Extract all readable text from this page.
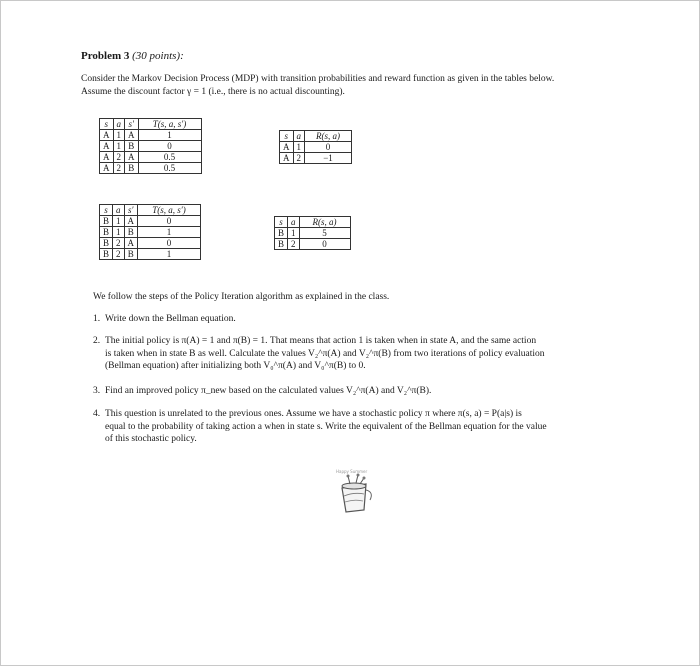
Problem 3 (30 points):
Consider the Markov Decision Process (MDP) with transition probabilities and reward function as given in the tables below.
Assume the discount factor γ = 1 (i.e., there is no actual discounting).
s	a	s′	T(s, a, s′)
A	1	A	1
A	1	B	0
A	2	A	0.5
A	2	B	0.5
s	a	R(s, a)
A	1	0
A	2	−1
s	a	s′	T(s, a, s′)
B	1	A	0
B	1	B	1
B	2	A	0
B	2	B	1
s	a	R(s, a)
B	1	5
B	2	0
We follow the steps of the Policy Iteration algorithm as explained in the class.
1. Write down the Bellman equation.
2. The initial policy is π(A) = 1 and π(B) = 1. That means that action 1 is taken when in state A, and the same action
is taken when in state B as well. Calculate the values V₂^π(A) and V₂^π(B) from two iterations of policy evaluation
(Bellman equation) after initializing both V₀^π(A) and V₀^π(B) to 0.
3. Find an improved policy π_new based on the calculated values V₂^π(A) and V₂^π(B).
4. This question is unrelated to the previous ones. Assume we have a stochastic policy π where π(s, a) = P(a|s) is
equal to the probability of taking action a when in state s. Write the equivalent of the Bellman equation for the value
of this stochastic policy.
Happy Summer
